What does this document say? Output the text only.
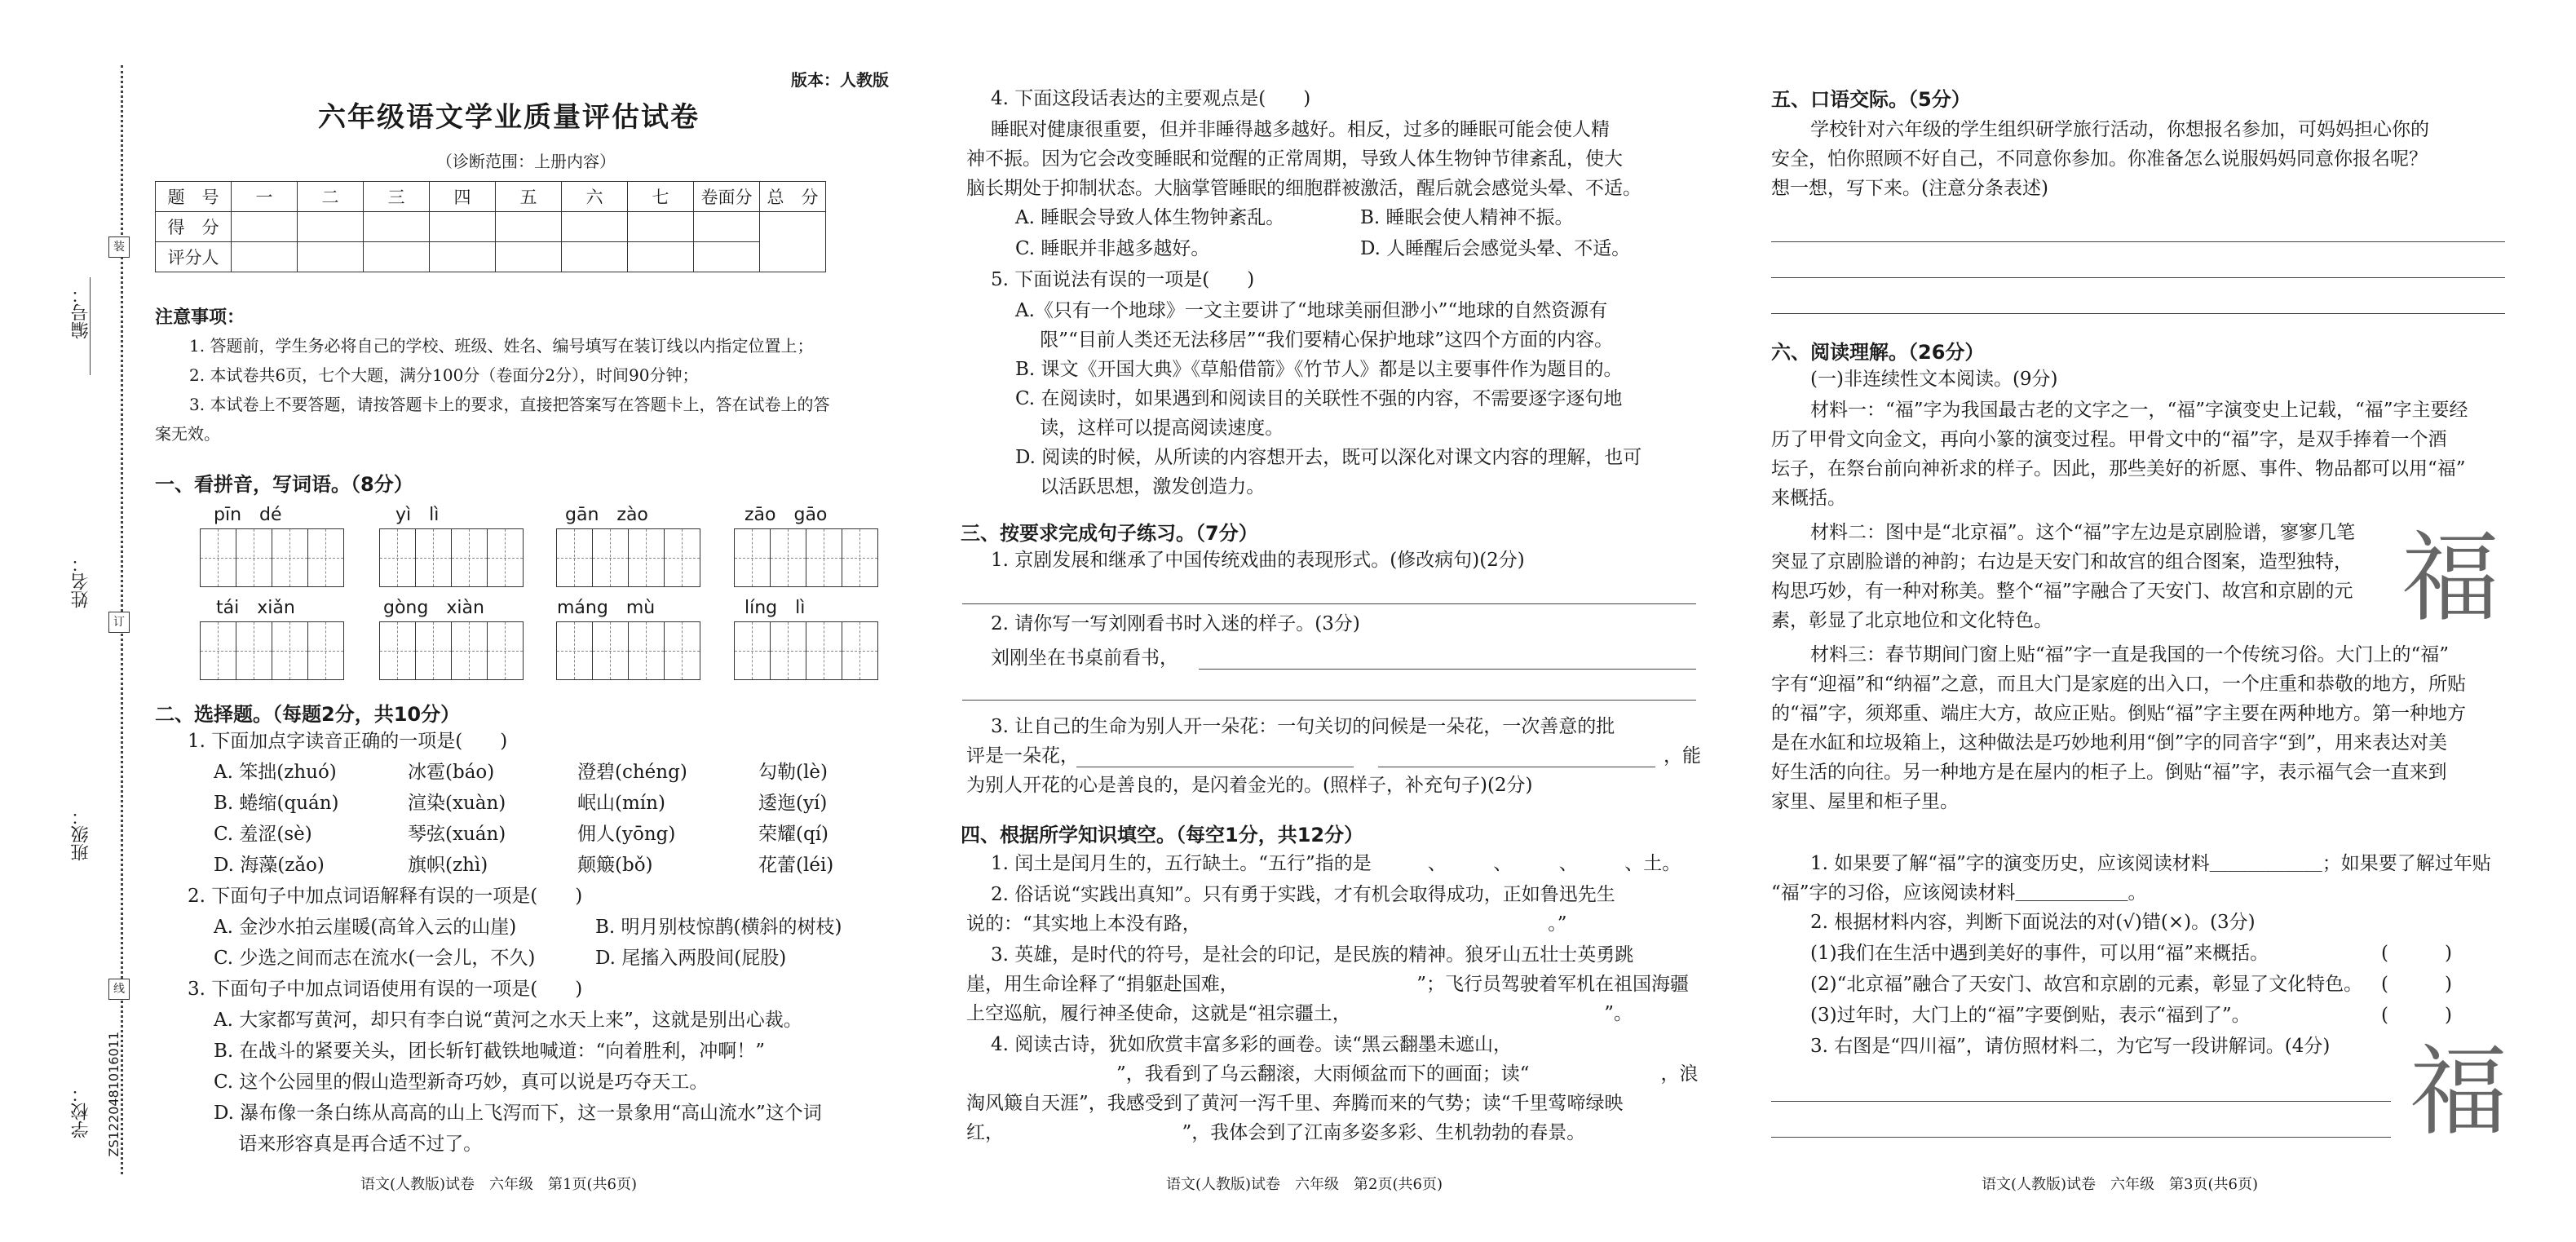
装
订
线
编号：
姓名：
班级：
学校： ZS1220481016011
版本：人教版
六年级语文学业质量评估试卷
（诊断范围：上册内容）
题　号	一	二	三	四	五	六	七	卷面分	总　分
得　分									
评分人									
注意事项：
1. 答题前，学生务必将自己的学校、班级、姓名、编号填写在装订线以内指定位置上；
2. 本试卷共6页，七个大题，满分100分（卷面分2分），时间90分钟；
3. 本试卷上不要答题，请按答题卡上的要求，直接把答案写在答题卡上，答在试卷上的答
案无效。
一、看拼音，写词语。（8分）
pīn　dé	yì　lì	gān　zào	zāo　gāo
tái　xiǎn	gòng　xiàn	máng　mù	líng　lì
二、选择题。（每题2分，共10分）
1. 下面加点字读音正确的一项是(　　)
A. 笨拙(zhuó)	冰雹(báo)	澄碧(chéng)	勾勒(lè)
B. 蜷缩(quán)	渲染(xuàn)	岷山(mín)	逶迤(yí)
C. 羞涩(sè)	琴弦(xuán)	佣人(yōng)	荣耀(qí)
D. 海藻(zǎo)	旗帜(zhì)	颠簸(bǒ)	花蕾(léi)
2. 下面句子中加点词语解释有误的一项是(　　)
A. 金沙水拍云崖暖(高耸入云的山崖)	B. 明月别枝惊鹊(横斜的树枝)
C. 少选之间而志在流水(一会儿，不久)	D. 尾搐入两股间(屁股)
3. 下面句子中加点词语使用有误的一项是(　　)
A. 大家都写黄河，却只有李白说“黄河之水天上来”，这就是别出心裁。
B. 在战斗的紧要关头，团长斩钉截铁地喊道：“向着胜利，冲啊！”
C. 这个公园里的假山造型新奇巧妙，真可以说是巧夺天工。
D. 瀑布像一条白练从高高的山上飞泻而下，这一景象用“高山流水”这个词
　 语来形容真是再合适不过了。
语文(人教版)试卷　六年级　第1页(共6页)
4. 下面这段话表达的主要观点是(　　)
睡眠对健康很重要，但并非睡得越多越好。相反，过多的睡眠可能会使人精
神不振。因为它会改变睡眠和觉醒的正常周期，导致人体生物钟节律紊乱，使大
脑长期处于抑制状态。大脑掌管睡眠的细胞群被激活，醒后就会感觉头晕、不适。
A. 睡眠会导致人体生物钟紊乱。	B. 睡眠会使人精神不振。
C. 睡眠并非越多越好。	D. 人睡醒后会感觉头晕、不适。
5. 下面说法有误的一项是(　　)
A.《只有一个地球》一文主要讲了“地球美丽但渺小”“地球的自然资源有
　 限”“目前人类还无法移居”“我们要精心保护地球”这四个方面的内容。
B. 课文《开国大典》《草船借箭》《竹节人》都是以主要事件作为题目的。
C. 在阅读时，如果遇到和阅读目的关联性不强的内容，不需要逐字逐句地
　 读，这样可以提高阅读速度。
D. 阅读的时候，从所读的内容想开去，既可以深化对课文内容的理解，也可
　 以活跃思想，激发创造力。
三、按要求完成句子练习。（7分）
1. 京剧发展和继承了中国传统戏曲的表现形式。(修改病句)(2分)
2. 请你写一写刘刚看书时入迷的样子。(3分)
刘刚坐在书桌前看书，
3. 让自己的生命为别人开一朵花：一句关切的问候是一朵花，一次善意的批
评是一朵花，	，能
为别人开花的心是善良的，是闪着金光的。(照样子，补充句子)(2分)
四、根据所学知识填空。（每空1分，共12分）
1. 闰土是闰月生的，五行缺土。“五行”指的是　　　、　　　、　　　、　　　、土。
2. 俗话说“实践出真知”。只有勇于实践，才有机会取得成功，正如鲁迅先生
说的：“其实地上本没有路，　　　　　　　　　　　　　　　　　　　。”
3. 英雄，是时代的符号，是社会的印记，是民族的精神。狼牙山五壮士英勇跳
崖，用生命诠释了“捐躯赴国难，　　　　　　　　　　”；飞行员驾驶着军机在祖国海疆
上空巡航，履行神圣使命，这就是“祖宗疆土，　　　　　　　　　　　　　　”。
4. 阅读古诗，犹如欣赏丰富多彩的画卷。读“黑云翻墨未遮山，　　　　　　　
　　　　　　　　”，我看到了乌云翻滚，大雨倾盆而下的画面；读“　　　　　　　，浪
淘风簸自天涯”，我感受到了黄河一泻千里、奔腾而来的气势；读“千里莺啼绿映
红，　　　　　　　　　　”，我体会到了江南多姿多彩、生机勃勃的春景。
语文(人教版)试卷　六年级　第2页(共6页)
五、口语交际。（5分）
学校针对六年级的学生组织研学旅行活动，你想报名参加，可妈妈担心你的
安全，怕你照顾不好自己，不同意你参加。你准备怎么说服妈妈同意你报名呢？
想一想，写下来。(注意分条表述)
六、阅读理解。（26分）
(一)非连续性文本阅读。(9分)
材料一：“福”字为我国最古老的文字之一，“福”字演变史上记载，“福”字主要经
历了甲骨文向金文，再向小篆的演变过程。甲骨文中的“福”字，是双手捧着一个酒
坛子，在祭台前向神祈求的样子。因此，那些美好的祈愿、事件、物品都可以用“福”
来概括。
材料二：图中是“北京福”。这个“福”字左边是京剧脸谱，寥寥几笔
突显了京剧脸谱的神韵；右边是天安门和故宫的组合图案，造型独特，
构思巧妙，有一种对称美。整个“福”字融合了天安门、故宫和京剧的元
素，彰显了北京地位和文化特色。	福
材料三：春节期间门窗上贴“福”字一直是我国的一个传统习俗。大门上的“福”
字有“迎福”和“纳福”之意，而且大门是家庭的出入口，一个庄重和恭敬的地方，所贴
的“福”字，须郑重、端庄大方，故应正贴。倒贴“福”字主要在两种地方。第一种地方
是在水缸和垃圾箱上，这种做法是巧妙地利用“倒”字的同音字“到”，用来表达对美
好生活的向往。另一种地方是在屋内的柜子上。倒贴“福”字，表示福气会一直来到
家里、屋里和柜子里。
1. 如果要了解“福”字的演变历史，应该阅读材料＿＿＿＿＿＿；如果要了解过年贴
“福”字的习俗，应该阅读材料＿＿＿＿＿＿。
2. 根据材料内容，判断下面说法的对(√)错(×)。(3分)
(1)我们在生活中遇到美好的事件，可以用“福”来概括。	(　　　)
(2)“北京福”融合了天安门、故宫和京剧的元素，彰显了文化特色。 (　　　)
(3)过年时，大门上的“福”字要倒贴，表示“福到了”。	(　　　)
3. 右图是“四川福”，请仿照材料二，为它写一段讲解词。(4分) 福
语文(人教版)试卷　六年级　第3页(共6页)
